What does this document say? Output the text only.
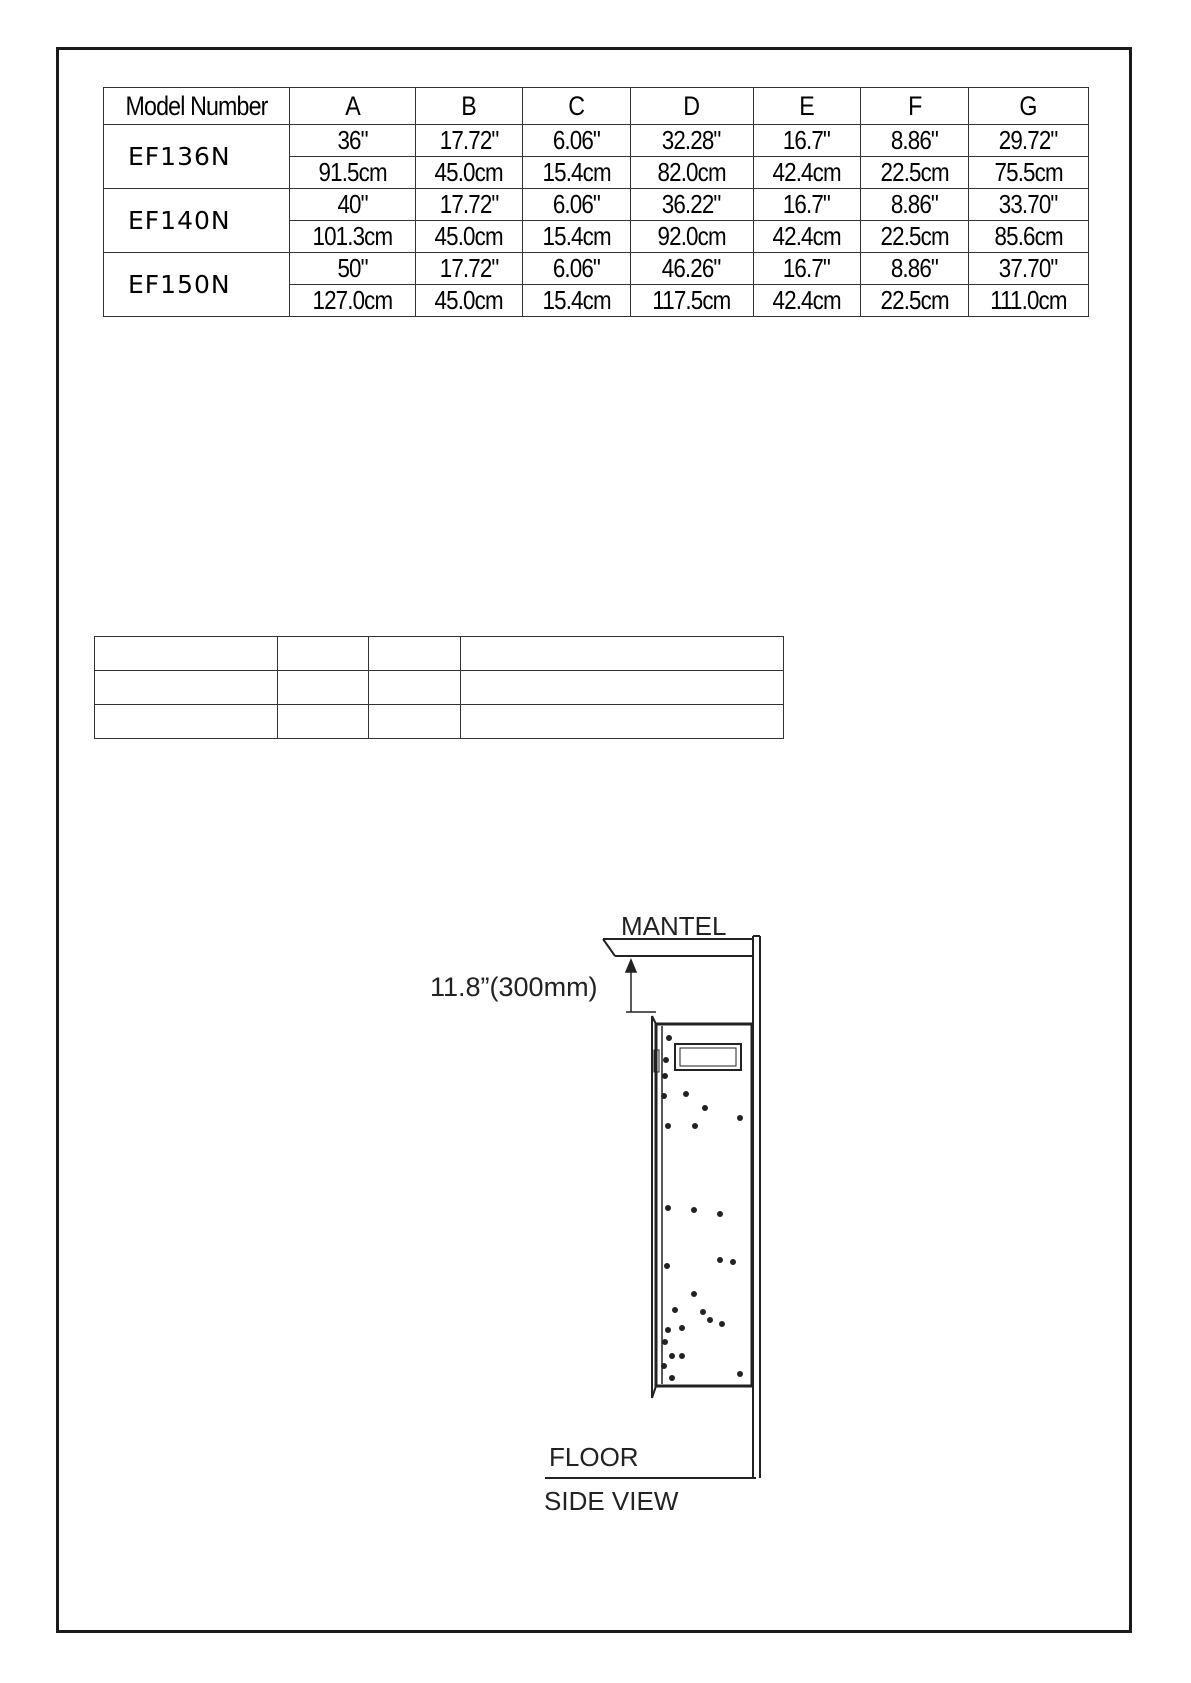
Model Number	A	B	C	D	E	F	G
EF136N	36"	17.72"	6.06"	32.28"	16.7"	8.86"	29.72"
	91.5cm	45.0cm	15.4cm	82.0cm	42.4cm	22.5cm	75.5cm
EF140N	40"	17.72"	6.06"	36.22"	16.7"	8.86"	33.70"
	101.3cm	45.0cm	15.4cm	92.0cm	42.4cm	22.5cm	85.6cm
EF150N	50"	17.72"	6.06"	46.26"	16.7"	8.86"	37.70"
	127.0cm	45.0cm	15.4cm	117.5cm	42.4cm	22.5cm	111.0cm

MANTEL
11.8”(300mm)
FLOOR
SIDE VIEW
